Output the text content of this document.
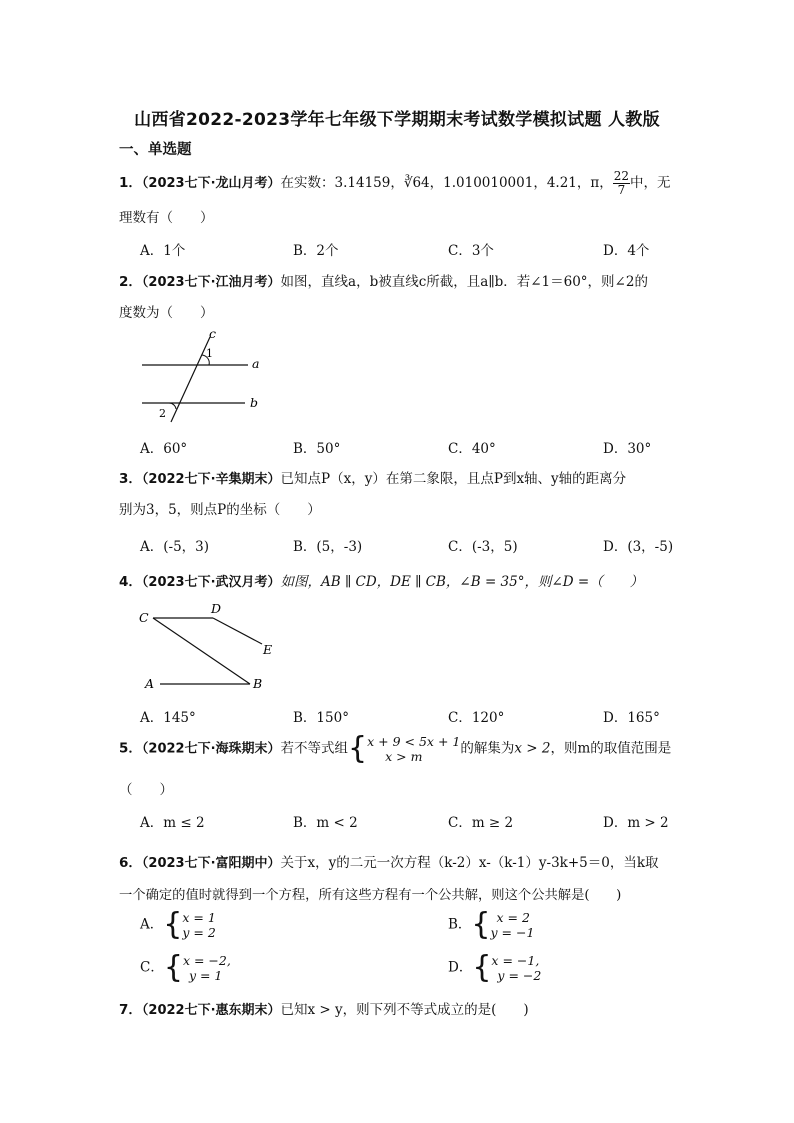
山西省2022-2023学年七年级下学期期末考试数学模拟试题 人教版
一、单选题
1．（2023七下·龙山月考）在实数：3.14159，∛64，1.010010001，4.21，π， $\frac{22}{7}$ 中，无
理数有（　　）
A．1个	B．2个	C．3个	D．4个
2．（2023七下·江油月考）如图，直线a，b被直线c所截，且a∥b．若∠1＝60°，则∠2的
度数为（　　）
c
a
b
1
2
A．60°	B．50°	C．40°	D．30°
3．（2022七下·辛集期末）已知点P（x，y）在第二象限，且点P到x轴、y轴的距离分
别为3，5，则点P的坐标（　　）
A．(-5，3)	B．(5，-3)	C．(-3，5)	D．(3，-5)
4．（2023七下·武汉月考）如图，AB ∥ CD，DE ∥ CB，∠B = 35°，则∠D =（　　）
C
D
E
A	B
A．145°	B．150°	C．120°	D．165°
5．（2022七下·海珠期末）若不等式组{ x + 9 < 5x + 1
x > m	的解集为x > 2，则m的取值范围是
（　　）
A．m ≤ 2	B．m < 2	C．m ≥ 2	D．m > 2
6．（2023七下·富阳期中）关于x，y的二元一次方程（k-2）x-（k-1）y-3k+5＝0，当k取
一个确定的值时就得到一个方程，所有这些方程有一个公共解，则这个公共解是(　　)
A．{ x = 1
y = 2	B．{ x = 2
y = −1
C．{ x = −2,
y = 1	D．{ x = −1,
y = −2
7．（2022七下·惠东期末）已知x > y，则下列不等式成立的是(　　)
